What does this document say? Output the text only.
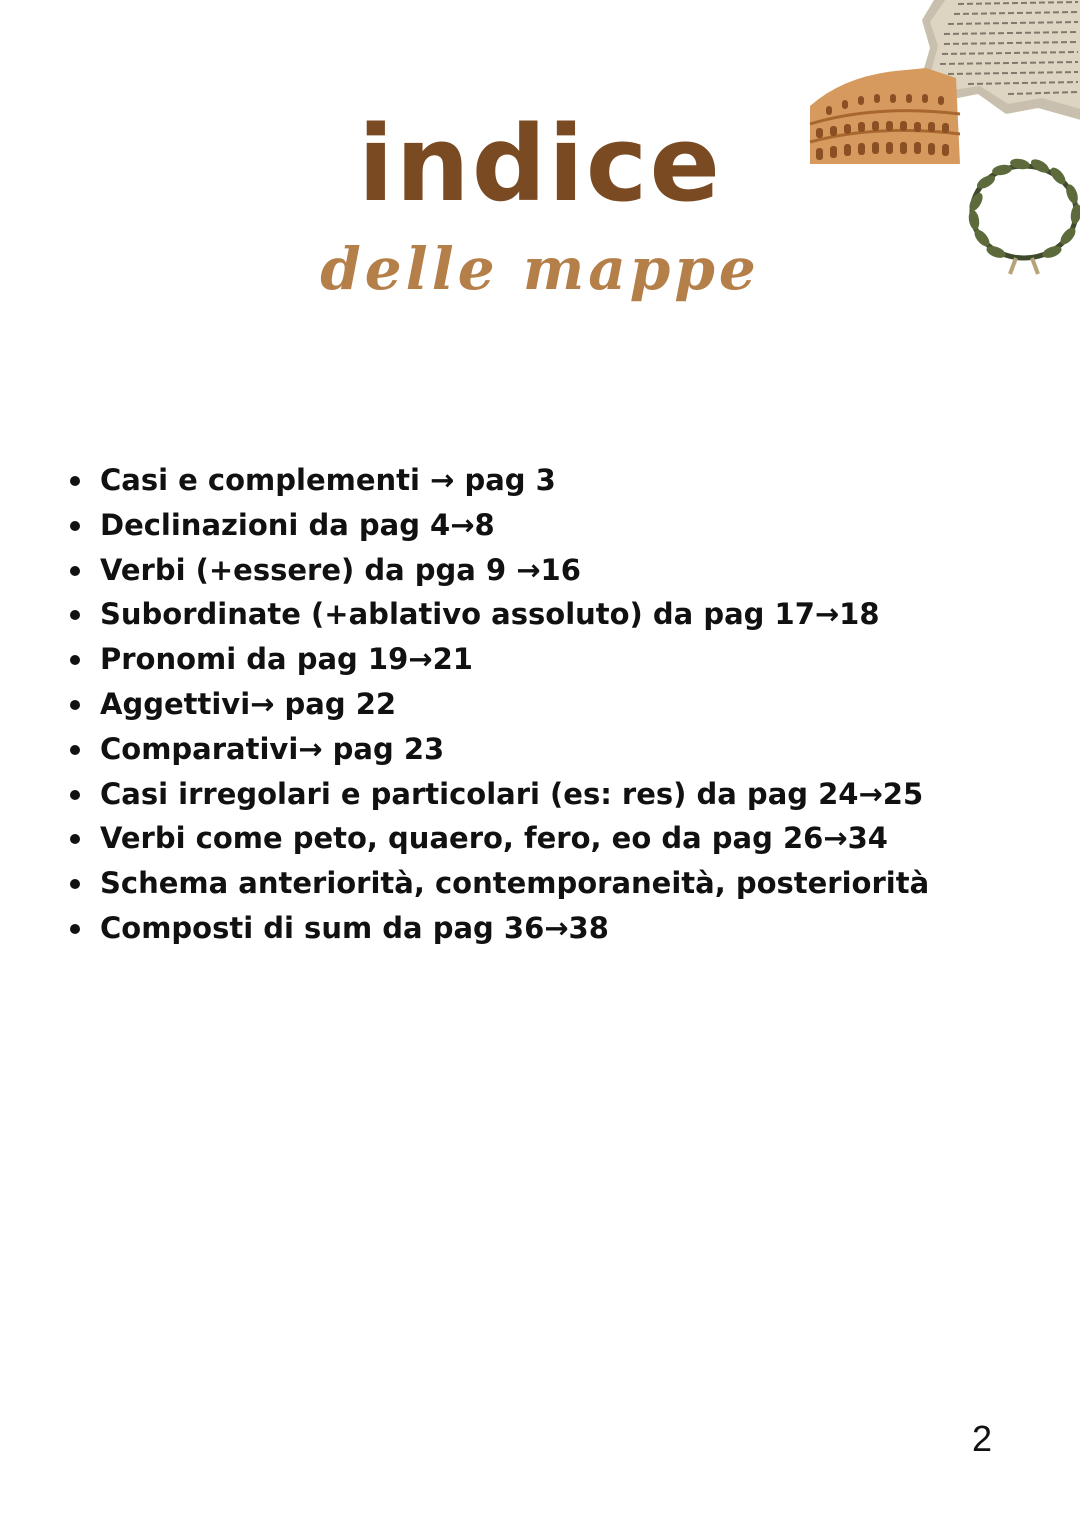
indice
delle mappe
Casi e complementi → pag 3
Declinazioni da pag 4→8
Verbi (+essere) da pga 9 →16
Subordinate (+ablativo assoluto) da pag 17→18
Pronomi da pag 19→21
Aggettivi→ pag 22
Comparativi→ pag 23
Casi irregolari e particolari (es: res) da pag 24→25
Verbi come peto, quaero, fero, eo da pag 26→34
Schema anteriorità, contemporaneità, posteriorità
Composti di sum da pag 36→38
2
